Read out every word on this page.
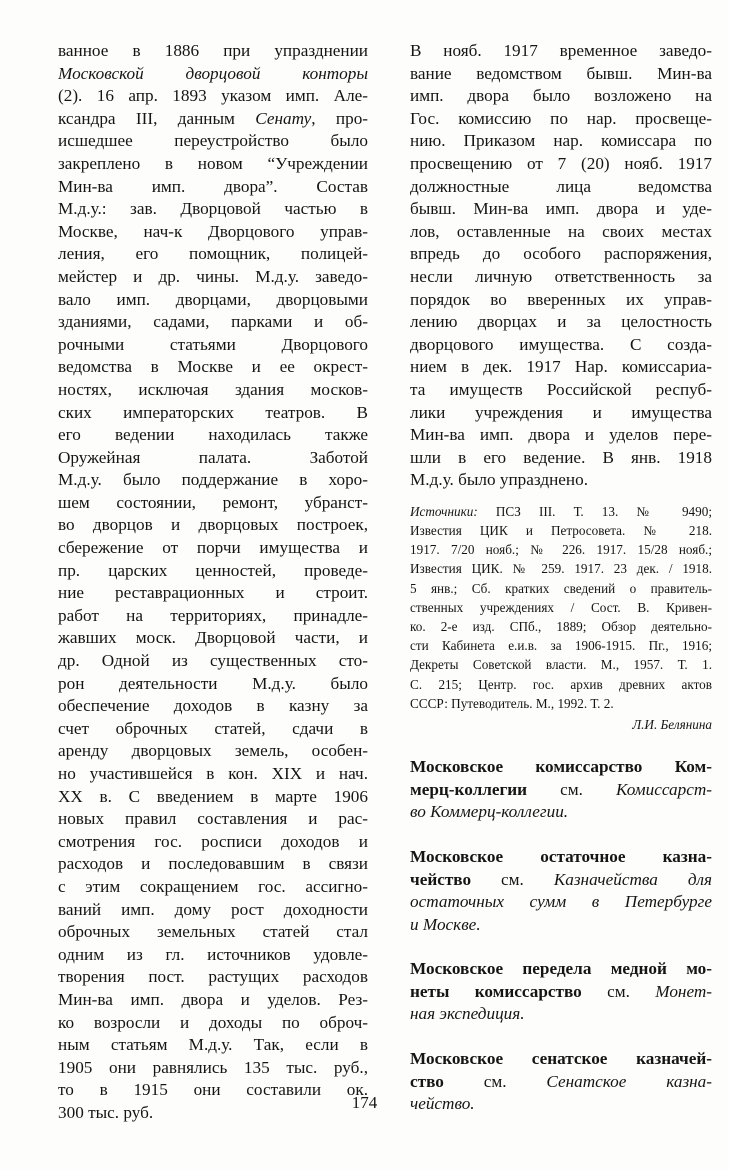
ванное в 1886 при упразднении
Московской дворцовой конторы
(2). 16 апр. 1893 указом имп. Але-
ксандра III, данным Сенату, про-
исшедшее переустройство было
закреплено в новом “Учреждении
Мин-ва имп. двора”. Состав
М.д.у.: зав. Дворцовой частью в
Москве, нач-к Дворцового управ-
ления, его помощник, полицей-
мейстер и др. чины. М.д.у. заведо-
вало имп. дворцами, дворцовыми
зданиями, садами, парками и об-
рочными статьями Дворцового
ведомства в Москве и ее окрест-
ностях, исключая здания москов-
ских императорских театров. В
его ведении находилась также
Оружейная палата. Заботой
М.д.у. было поддержание в хоро-
шем состоянии, ремонт, убранст-
во дворцов и дворцовых построек,
сбережение от порчи имущества и
пр. царских ценностей, проведе-
ние реставрационных и строит.
работ на территориях, принадле-
жавших моск. Дворцовой части, и
др. Одной из существенных сто-
рон деятельности М.д.у. было
обеспечение доходов в казну за
счет оброчных статей, сдачи в
аренду дворцовых земель, особен-
но участившейся в кон. XIX и нач.
XX в. С введением в марте 1906
новых правил составления и рас-
смотрения гос. росписи доходов и
расходов и последовавшим в связи
с этим сокращением гос. ассигно-
ваний имп. дому рост доходности
оброчных земельных статей стал
одним из гл. источников удовле-
творения пост. растущих расходов
Мин-ва имп. двора и уделов. Рез-
ко возросли и доходы по оброч-
ным статьям М.д.у. Так, если в
1905 они равнялись 135 тыс. руб.,
то в 1915 они составили ок.
300 тыс. руб.
В нояб. 1917 временное заведо-
вание ведомством бывш. Мин-ва
имп. двора было возложено на
Гос. комиссию по нар. просвеще-
нию. Приказом нар. комиссара по
просвещению от 7 (20) нояб. 1917
должностные лица ведомства
бывш. Мин-ва имп. двора и уде-
лов, оставленные на своих местах
впредь до особого распоряжения,
несли личную ответственность за
порядок во вверенных их управ-
лению дворцах и за целостность
дворцового имущества. С созда-
нием в дек. 1917 Нар. комиссариа-
та имуществ Российской респуб-
лики учреждения и имущества
Мин-ва имп. двора и уделов пере-
шли в его ведение. В янв. 1918
М.д.у. было упразднено.
Источники: ПСЗ III. Т. 13. № 9490;
Известия ЦИК и Петросовета. № 218.
1917. 7/20 нояб.; № 226. 1917. 15/28 нояб.;
Известия ЦИК. № 259. 1917. 23 дек. / 1918.
5 янв.; Сб. кратких сведений о правитель-
ственных учреждениях / Сост. В. Кривен-
ко. 2-е изд. СПб., 1889; Обзор деятельно-
сти Кабинета е.и.в. за 1906-1915. Пг., 1916;
Декреты Советской власти. М., 1957. Т. 1.
С. 215; Центр. гос. архив древних актов
СССР: Путеводитель. М., 1992. Т. 2.
Л.И. Белянина
Московское комиссарство Ком-
мерц-коллегии см. Комиссарст-
во Коммерц-коллегии.
Московское остаточное казна-
чейство см. Казначейства для
остаточных сумм в Петербурге
и Москве.
Московское передела медной мо-
неты комиссарство см. Монет-
ная экспедиция.
Московское сенатское казначей-
ство см. Сенатское казна-
чейство.
174
